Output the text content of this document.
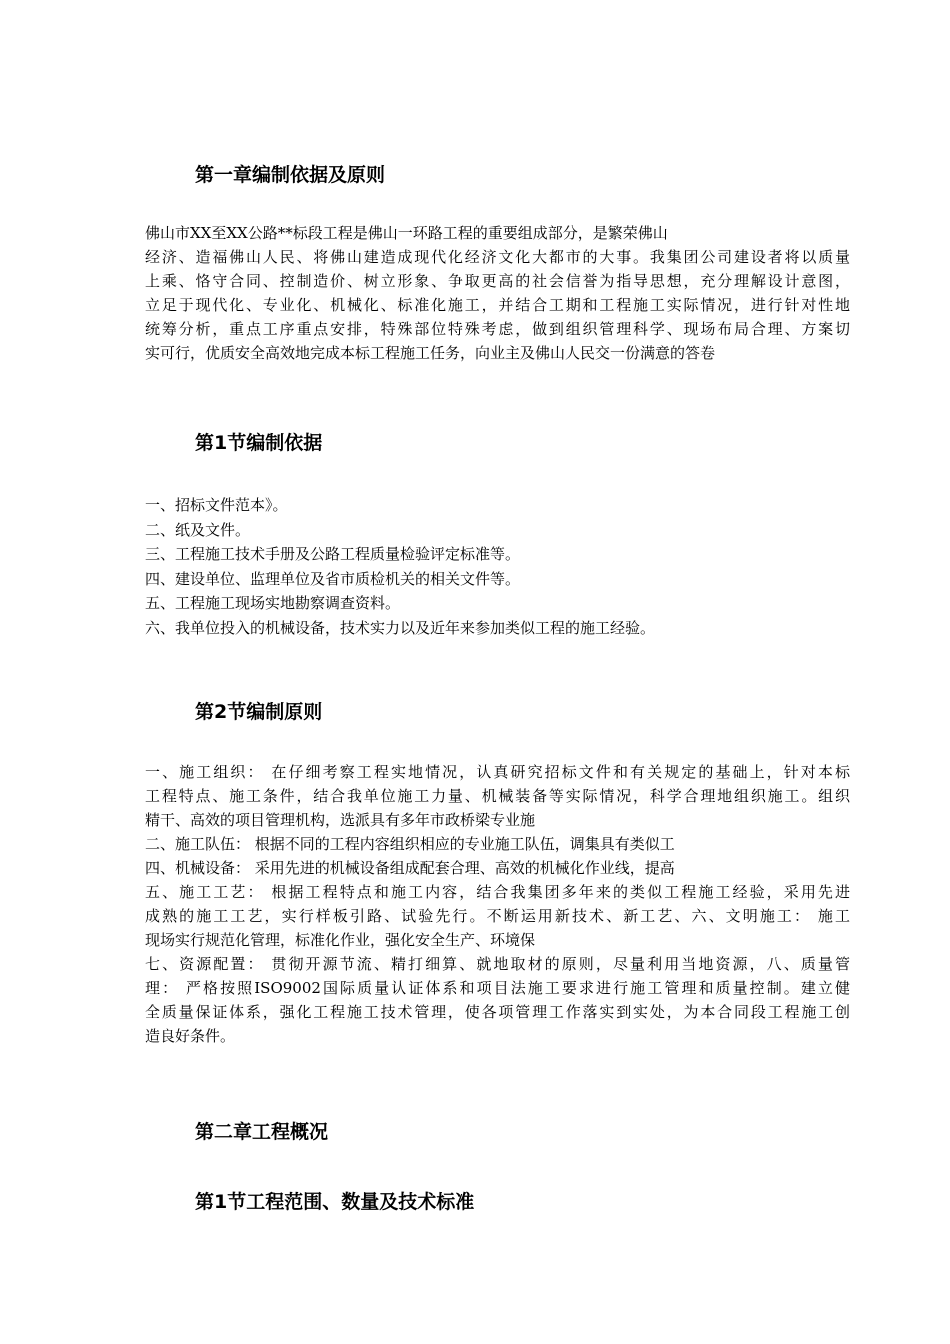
第一章编制依据及原则
佛山市XX至XX公路**标段工程是佛山一环路工程的重要组成部分，是繁荣佛山
经济、造福佛山人民、将佛山建造成现代化经济文化大都市的大事。我集团公司建设者将以质量
上乘、恪守合同、控制造价、树立形象、争取更高的社会信誉为指导思想，充分理解设计意图，
立足于现代化、专业化、机械化、标准化施工，并结合工期和工程施工实际情况，进行针对性地
统筹分析，重点工序重点安排，特殊部位特殊考虑，做到组织管理科学、现场布局合理、方案切
实可行，优质安全高效地完成本标工程施工任务，向业主及佛山人民交一份满意的答卷
第1节编制依据
一、招标文件范本》。
二、纸及文件。
三、工程施工技术手册及公路工程质量检验评定标准等。
四、建设单位、监理单位及省市质检机关的相关文件等。
五、工程施工现场实地勘察调查资料。
六、我单位投入的机械设备，技术实力以及近年来参加类似工程的施工经验。
第2节编制原则
一、施工组织： 在仔细考察工程实地情况，认真研究招标文件和有关规定的基础上，针对本标
工程特点、施工条件，结合我单位施工力量、机械装备等实际情况，科学合理地组织施工。组织
精干、高效的项目管理机构，选派具有多年市政桥梁专业施
二、施工队伍： 根据不同的工程内容组织相应的专业施工队伍，调集具有类似工
四、机械设备： 采用先进的机械设备组成配套合理、高效的机械化作业线，提高
五、施工工艺： 根据工程特点和施工内容，结合我集团多年来的类似工程施工经验，采用先进
成熟的施工工艺，实行样板引路、试验先行。不断运用新技术、新工艺、六、文明施工： 施工
现场实行规范化管理，标准化作业，强化安全生产、环境保
七、资源配置： 贯彻开源节流、精打细算、就地取材的原则，尽量利用当地资源，八、质量管
理： 严格按照ISO9002国际质量认证体系和项目法施工要求进行施工管理和质量控制。建立健
全质量保证体系，强化工程施工技术管理，使各项管理工作落实到实处，为本合同段工程施工创
造良好条件。
第二章工程概况
第1节工程范围、数量及技术标准
